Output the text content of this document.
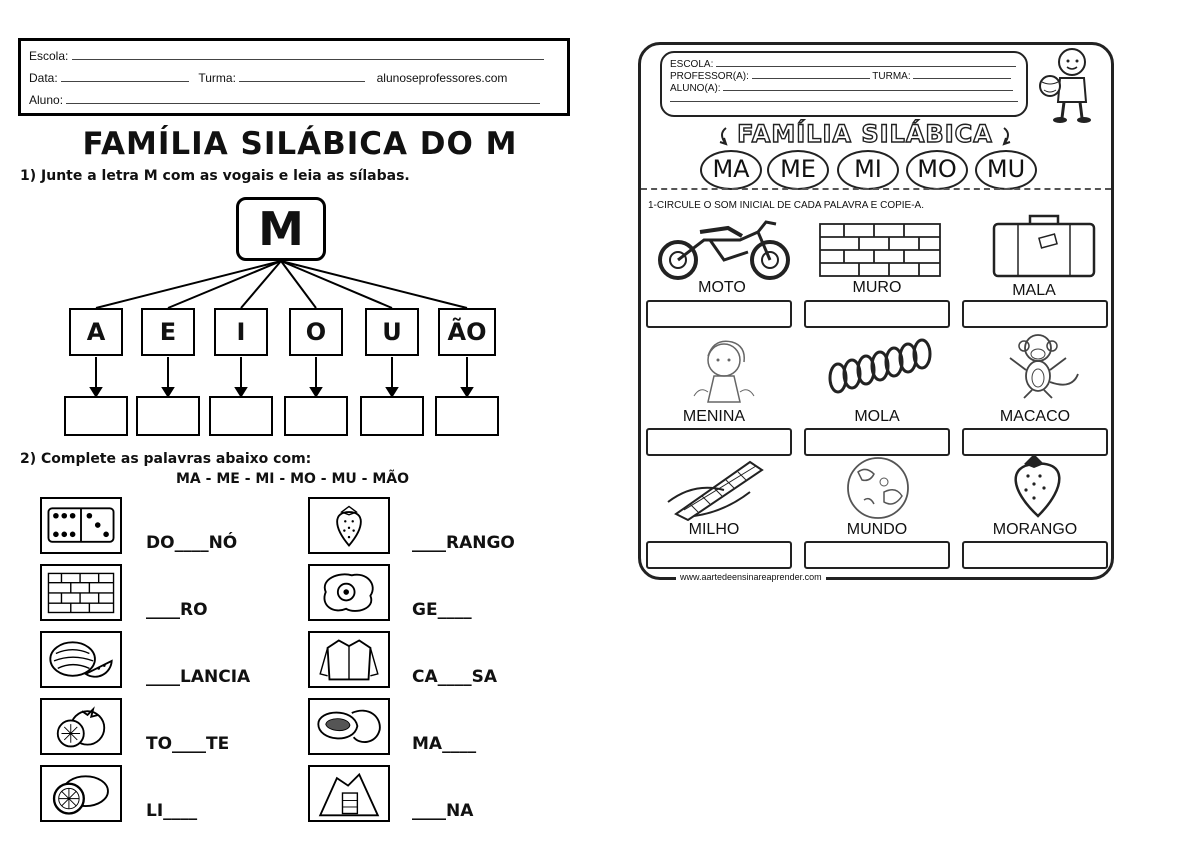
Escola:
Data:	Turma:	alunoseprofessores.com
Aluno:
FAMÍLIA SILÁBICA DO M
1) Junte a letra M com as vogais e leia as sílabas.
M
A	E	I	O	U	ÃO
2) Complete as palavras abaixo com:
MA - ME - MI - MO - MU - MÃO
DO____NÓ
____RO
____LANCIA
TO____TE
LI____
____RANGO
GE____
CA____SA
MA____
____NA
ESCOLA:
PROFESSOR(A):	TURMA:
ALUNO(A):
FAMÍLIA SILÁBICA
MA	ME	MI	MO	MU
1-CIRCULE O SOM INICIAL DE CADA PALAVRA E COPIE-A.
MOTO	MURO	MALA
MENINA	MOLA	MACACO
MILHO	MUNDO	MORANGO
www.aartedeensinareaprender.com
